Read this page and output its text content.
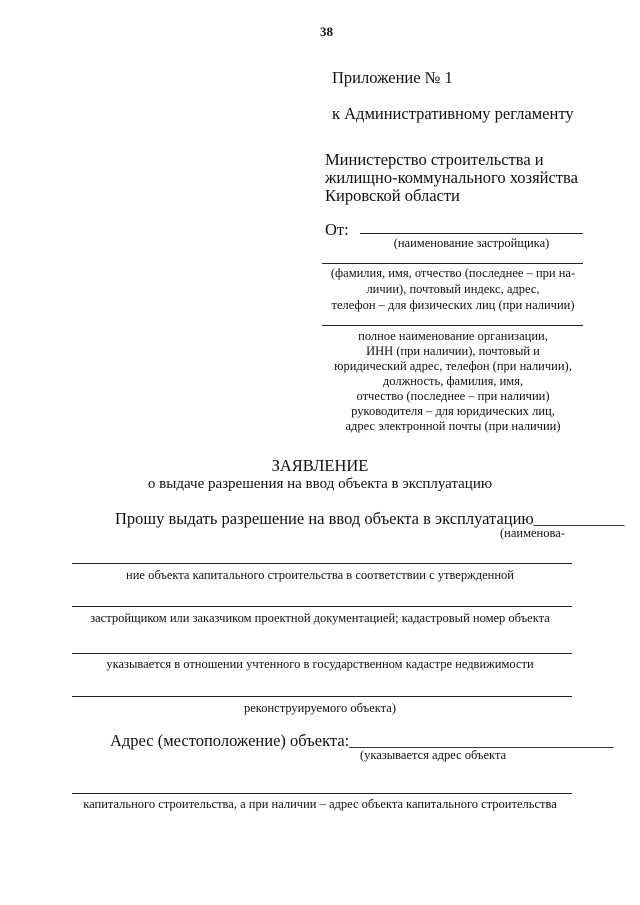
38
Приложение № 1
к Административному регламенту
Министерство строительства и
жилищно-коммунального хозяйства
Кировской области
От:
(наименование застройщика)
(фамилия, имя, отчество (последнее – при на-
личии), почтовый индекс, адрес,
телефон – для физических лиц (при наличии)
полное наименование организации,
ИНН (при наличии), почтовый и
юридический адрес, телефон (при наличии),
должность, фамилия, имя,
отчество (последнее – при наличии)
руководителя – для юридических лиц,
адрес электронной почты (при наличии)
ЗАЯВЛЕНИЕ
о выдаче разрешения на ввод объекта в эксплуатацию
Прошу выдать разрешение на ввод объекта в эксплуатацию___________
(наименова-
ние объекта капитального строительства в соответствии с утвержденной
застройщиком или заказчиком проектной документацией; кадастровый номер объекта
указывается в отношении учтенного в государственном кадастре недвижимости
реконструируемого объекта)
Адрес (местоположение) объекта:________________________________
(указывается адрес объекта
капитального строительства, а при наличии – адрес объекта капитального строительства
